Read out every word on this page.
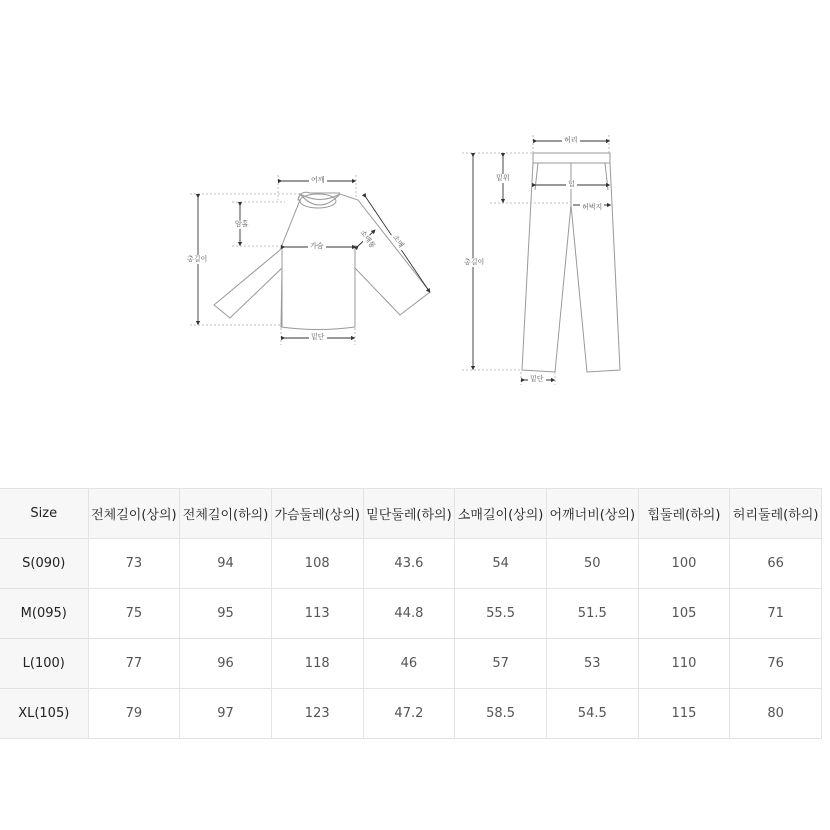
어깨
암홀
가슴	소매통 소매
총길이
밑단
허리
밑위
힙
허벅지
총길이
밑단
Size	전체길이(상의)	전체길이(하의)	가슴둘레(상의)	밑단둘레(하의)	소매길이(상의)	어깨너비(상의)	힙둘레(하의)	허리둘레(하의)
S(090)	73	94	108	43.6	54	50	100	66
M(095)	75	95	113	44.8	55.5	51.5	105	71
L(100)	77	96	118	46	57	53	110	76
XL(105)	79	97	123	47.2	58.5	54.5	115	80
